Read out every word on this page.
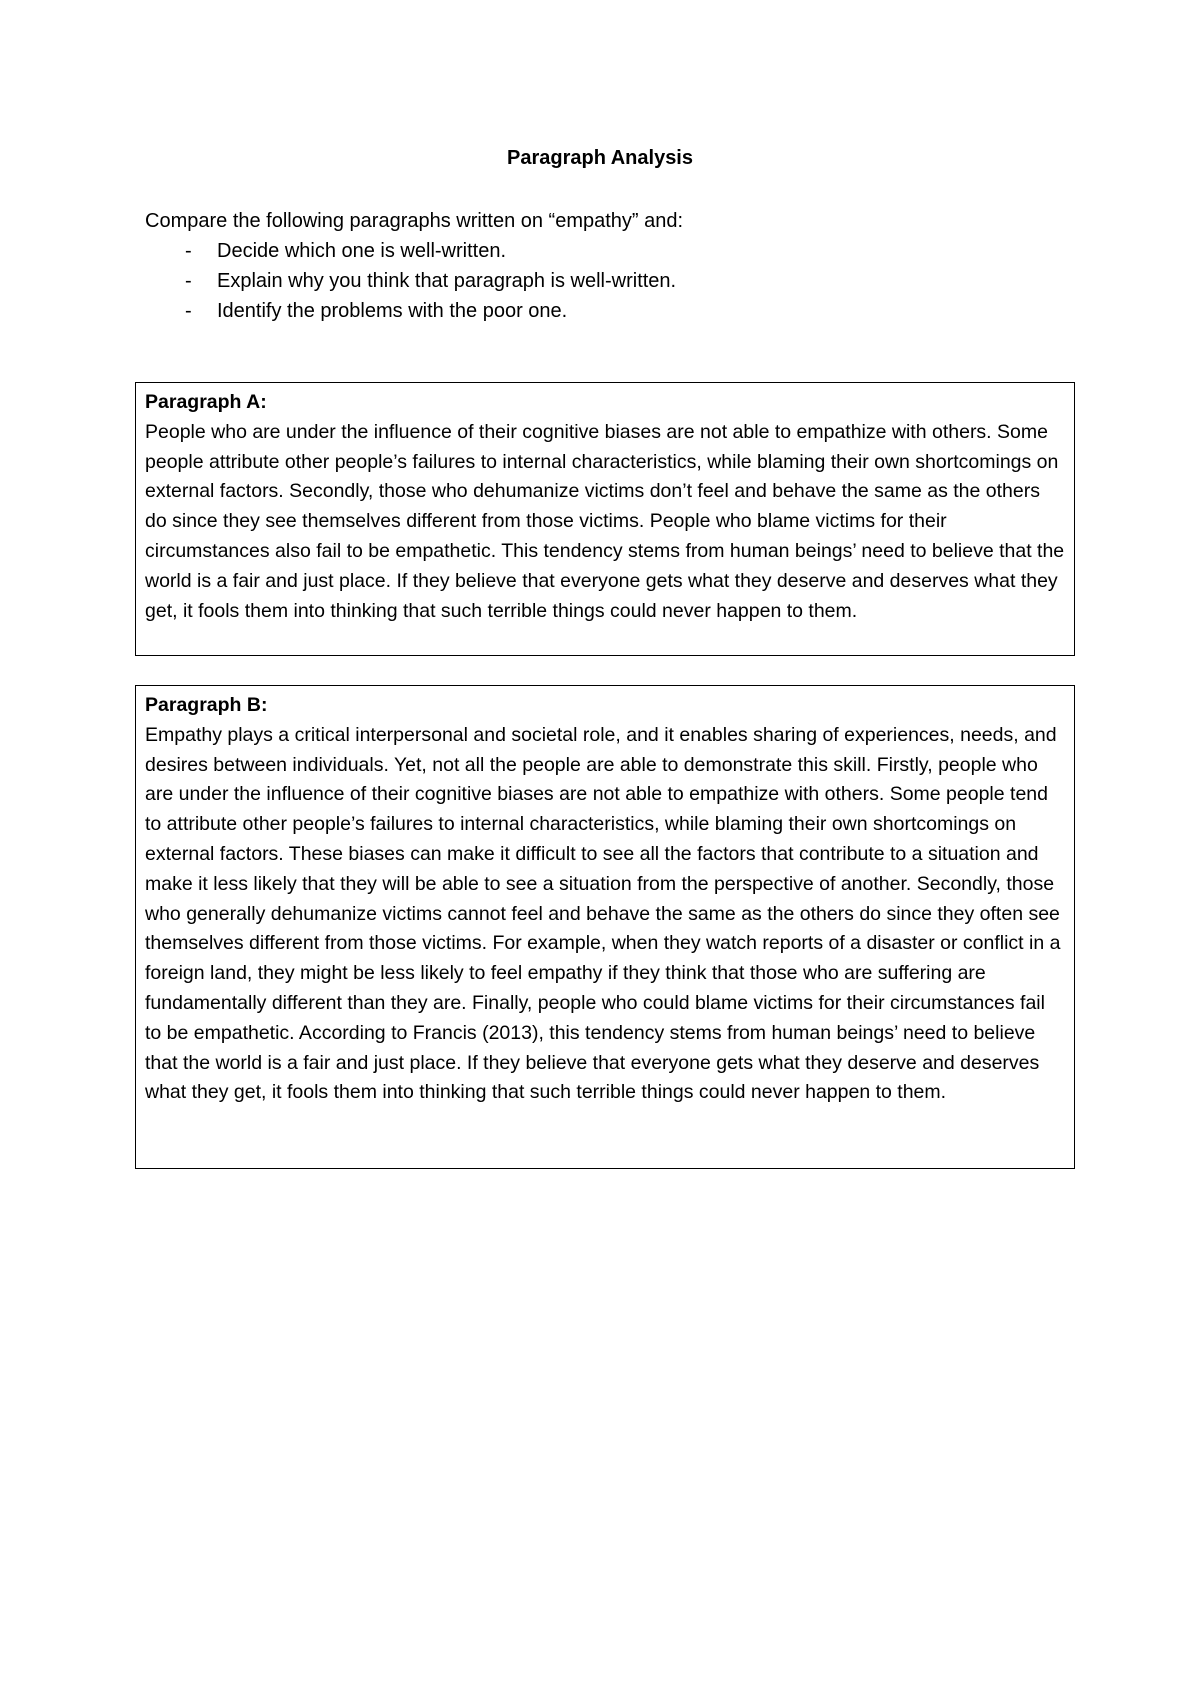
Paragraph Analysis

Compare the following paragraphs written on “empathy” and:

- Decide which one is well-written.
- Explain why you think that paragraph is well-written.
- Identify the problems with the poor one.

Paragraph A:

People who are under the influence of their cognitive biases are not able to empathize with others. Some people attribute other people’s failures to internal characteristics, while blaming their own shortcomings on external factors. Secondly, those who dehumanize victims don’t feel and behave the same as the others do since they see themselves different from those victims. People who blame victims for their circumstances also fail to be empathetic. This tendency stems from human beings’ need to believe that the world is a fair and just place. If they believe that everyone gets what they deserve and deserves what they get, it fools them into thinking that such terrible things could never happen to them.

Paragraph B:

Empathy plays a critical interpersonal and societal role, and it enables sharing of experiences, needs, and desires between individuals. Yet, not all the people are able to demonstrate this skill. Firstly, people who are under the influence of their cognitive biases are not able to empathize with others. Some people tend to attribute other people’s failures to internal characteristics, while blaming their own shortcomings on external factors. These biases can make it difficult to see all the factors that contribute to a situation and make it less likely that they will be able to see a situation from the perspective of another. Secondly, those who generally dehumanize victims cannot feel and behave the same as the others do since they often see themselves different from those victims. For example, when they watch reports of a disaster or conflict in a foreign land, they might be less likely to feel empathy if they think that those who are suffering are fundamentally different than they are. Finally, people who could blame victims for their circumstances fail to be empathetic. According to Francis (2013), this tendency stems from human beings’ need to believe that the world is a fair and just place. If they believe that everyone gets what they deserve and deserves what they get, it fools them into thinking that such terrible things could never happen to them.
